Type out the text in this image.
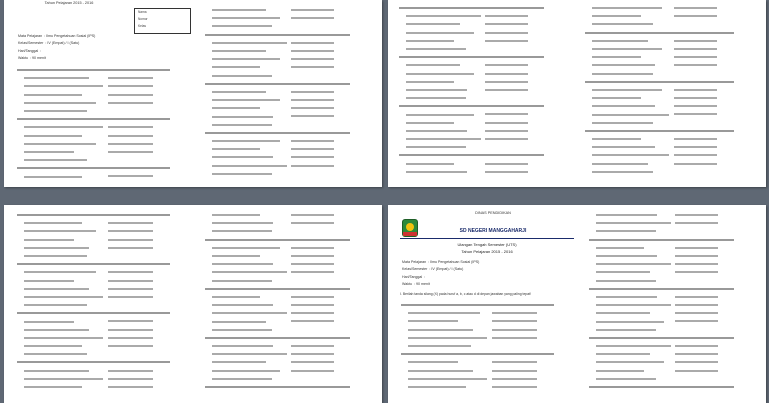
Nama
Nomor
Kelas
Tahun Pelajaran 2015 - 2016
Mata Pelajaran : Ilmu Pengetahuan Sosial (IPS)
Kelas/Semester : IV (Empat) / I (Satu)
Hari/Tanggal :
Waktu : 90 menit
DINAS PENDIDIKAN
SD NEGERI MANGGAHARJI
Ulangan Tengah Semester (UTS)
Tahun Pelajaran 2015 - 2016
Mata Pelajaran : Ilmu Pengetahuan Sosial (IPS)
Kelas/Semester : IV (Empat) / I (Satu)
Hari/Tanggal :
Waktu : 90 menit
I. Berilah tanda silang (X) pada huruf a, b, c atau d di depan jawaban yang paling tepat!
